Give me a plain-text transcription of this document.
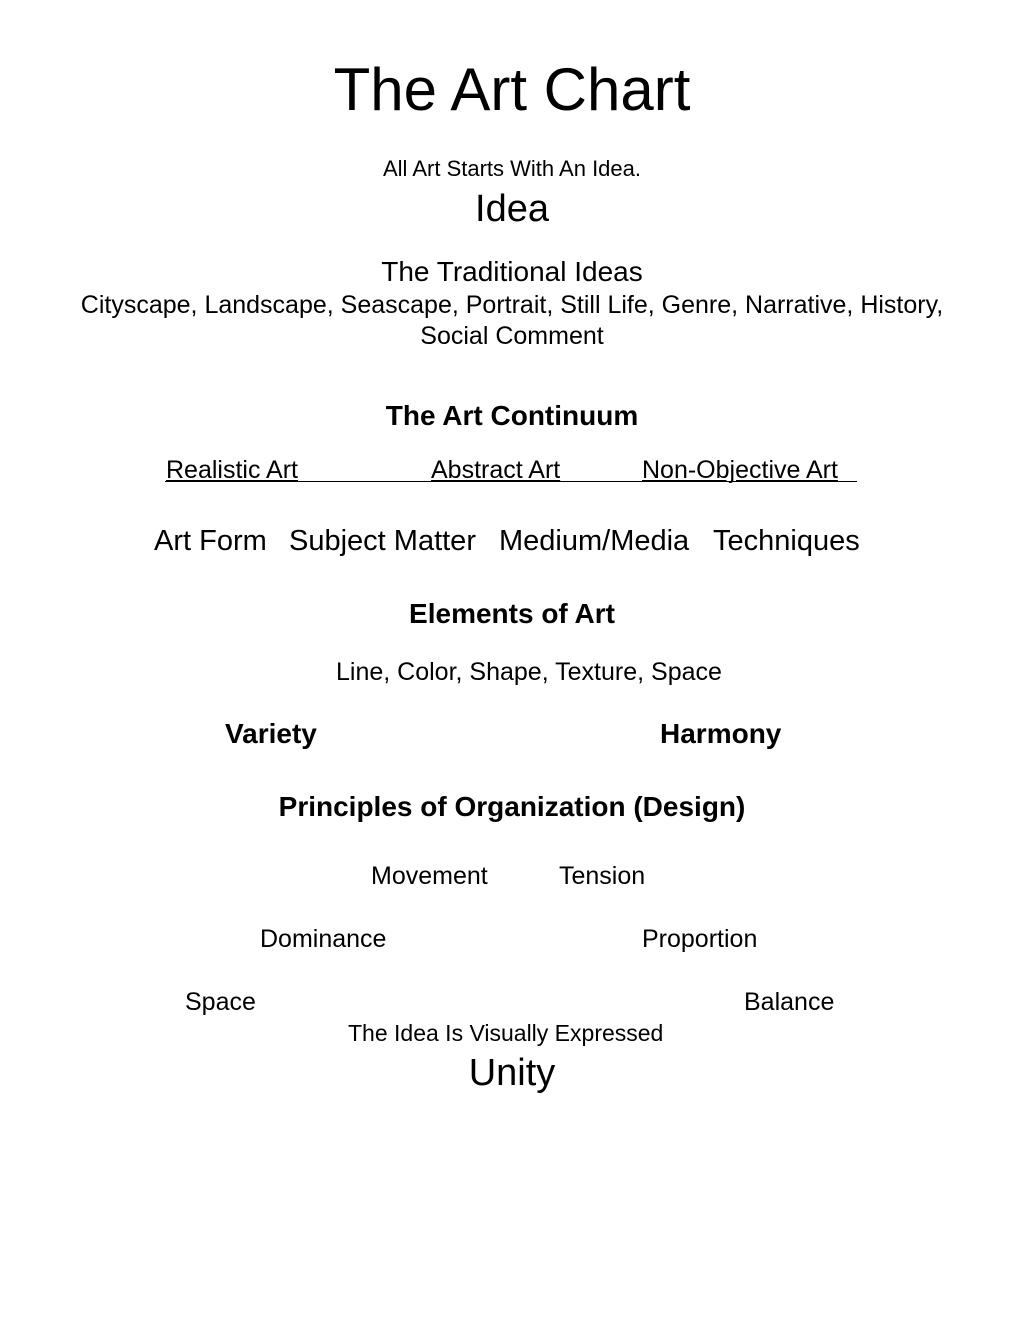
The Art Chart
All Art Starts With An Idea.
Idea
The Traditional Ideas
Cityscape, Landscape, Seascape, Portrait, Still Life, Genre, Narrative, History,
Social Comment
The Art Continuum
Realistic Art	Abstract Art	Non-Objective Art
Art Form Subject Matter Medium/Media Techniques
Elements of Art
Line, Color, Shape, Texture, Space
Variety	Harmony
Principles of Organization (Design)
Movement	Tension
Dominance	Proportion
Space	Balance
The Idea Is Visually Expressed
Unity
